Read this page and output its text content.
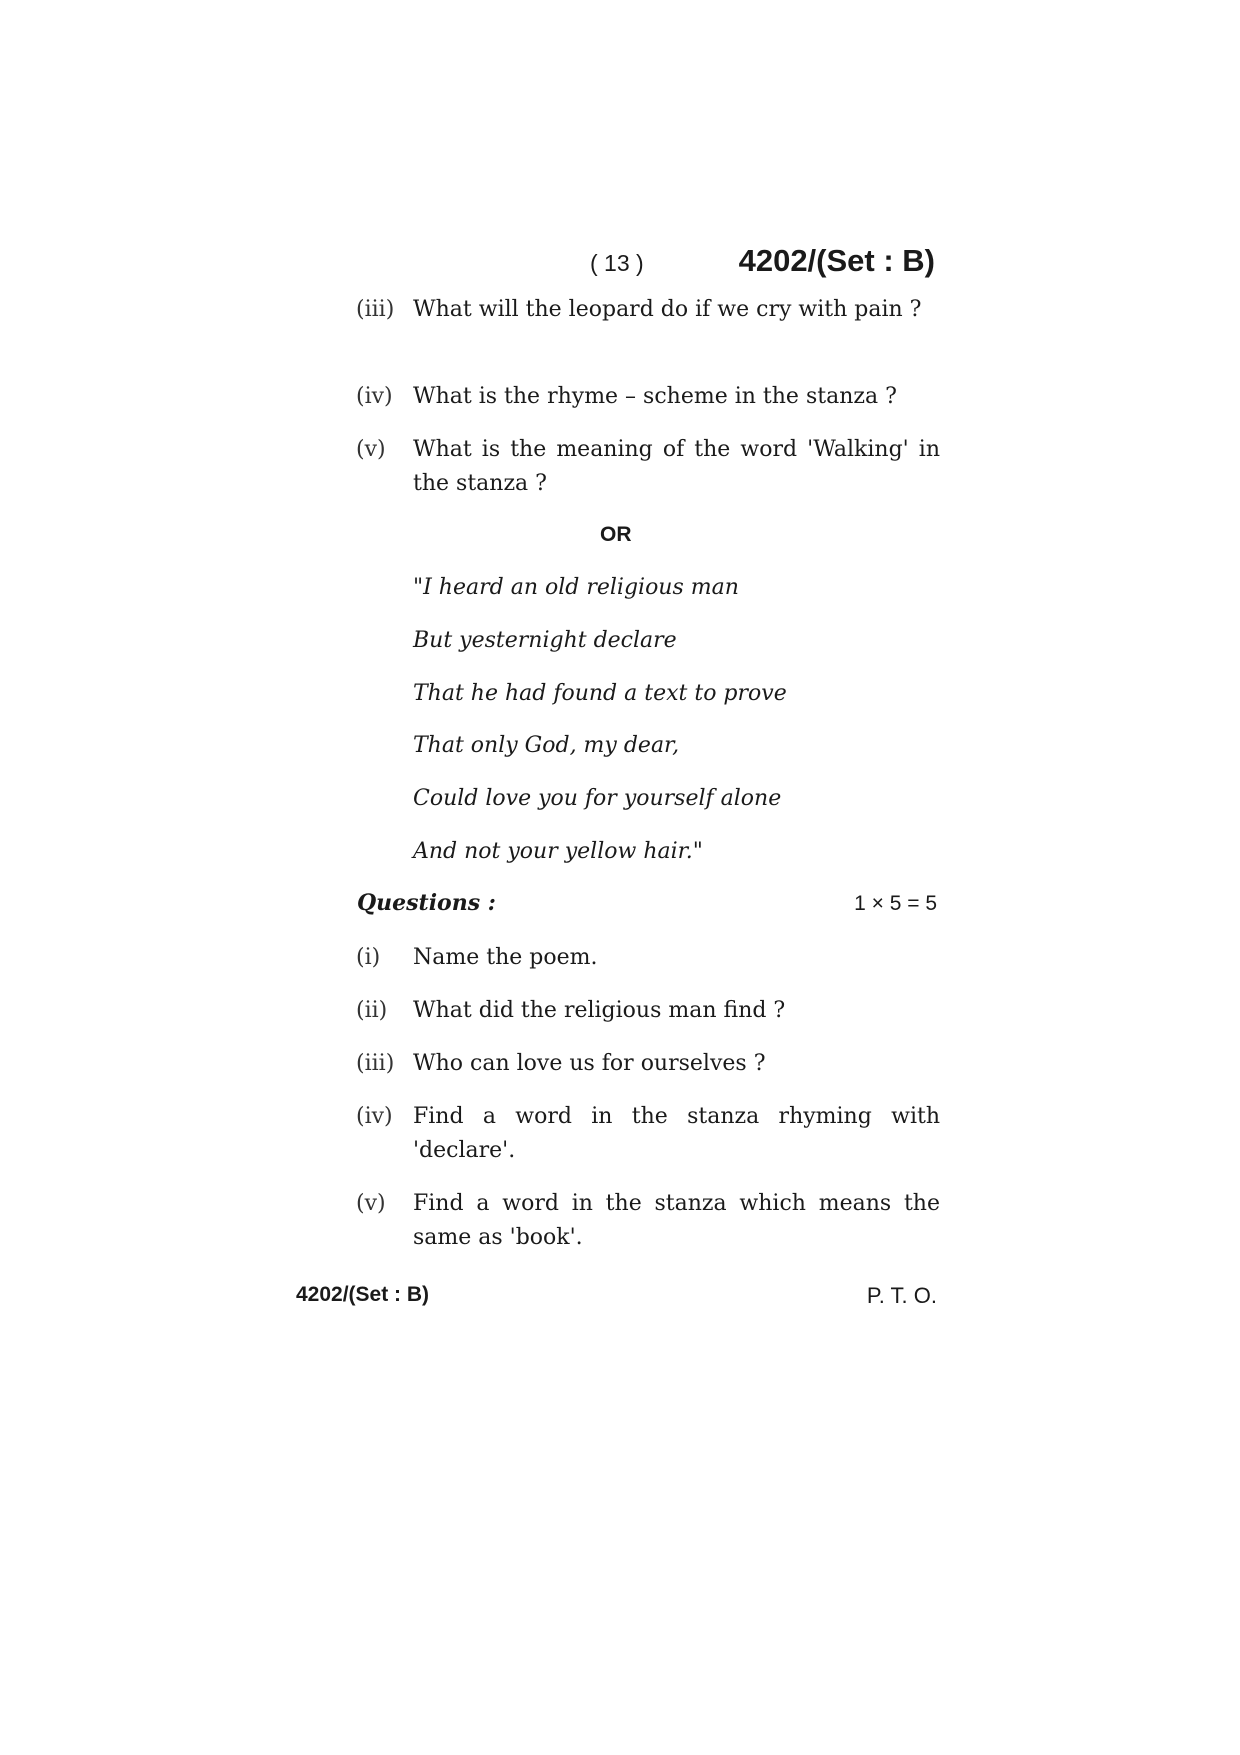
( 13 )	4202/(Set : B)
(iii) What will the leopard do if we cry with pain ?
(iv) What is the rhyme – scheme in the stanza ?
(v) What is the meaning of the word 'Walking' in the stanza ?
OR
"I heard an old religious man
But yesternight declare
That he had found a text to prove
That only God, my dear,
Could love you for yourself alone
And not your yellow hair."
Questions :	1 × 5 = 5
(i) Name the poem.
(ii) What did the religious man find ?
(iii) Who can love us for ourselves ?
(iv) Find a word in the stanza rhyming with 'declare'.
(v) Find a word in the stanza which means the same as 'book'.
4202/(Set : B)	P. T. O.
